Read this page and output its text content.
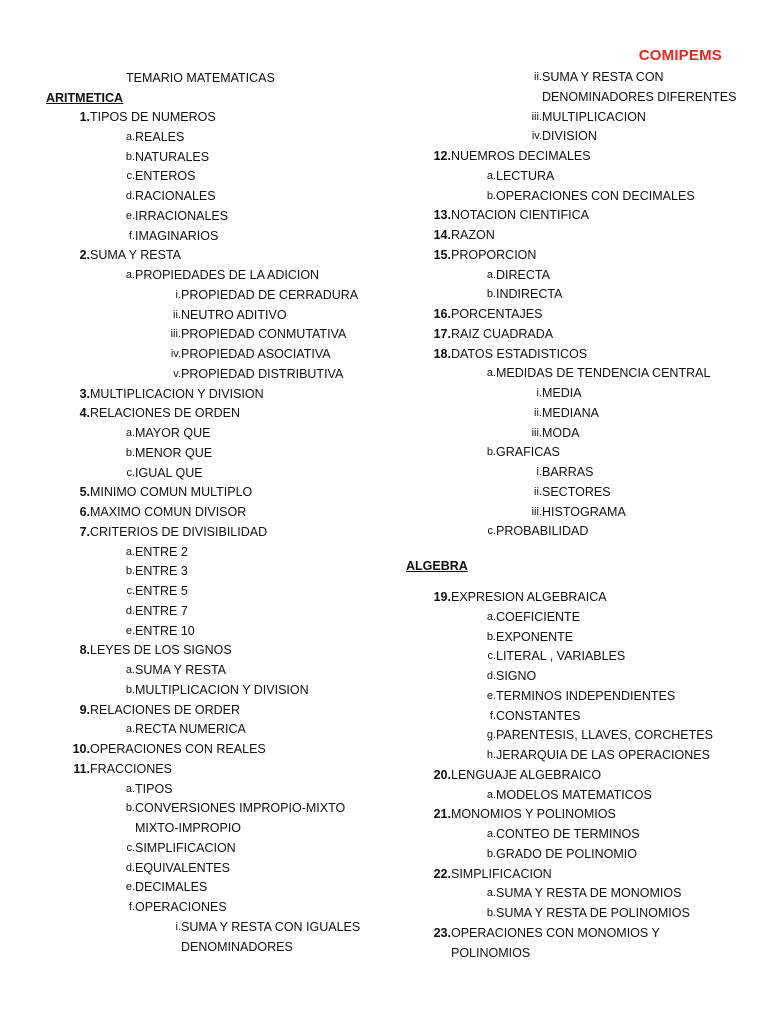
COMIPEMS
TEMARIO MATEMATICAS
ARITMETICA
1. TIPOS DE NUMEROS
a. REALES
b. NATURALES
c. ENTEROS
d. RACIONALES
e. IRRACIONALES
f. IMAGINARIOS
2. SUMA Y RESTA
a. PROPIEDADES DE LA ADICION
i. PROPIEDAD DE CERRADURA
ii. NEUTRO ADITIVO
iii. PROPIEDAD CONMUTATIVA
iv. PROPIEDAD ASOCIATIVA
v. PROPIEDAD DISTRIBUTIVA
3. MULTIPLICACION Y DIVISION
4. RELACIONES DE ORDEN
a. MAYOR QUE
b. MENOR QUE
c. IGUAL QUE
5. MINIMO COMUN MULTIPLO
6. MAXIMO COMUN DIVISOR
7. CRITERIOS DE DIVISIBILIDAD
a. ENTRE 2
b. ENTRE 3
c. ENTRE 5
d. ENTRE 7
e. ENTRE 10
8. LEYES DE LOS SIGNOS
a. SUMA Y RESTA
b. MULTIPLICACION Y DIVISION
9. RELACIONES DE ORDER
a. RECTA NUMERICA
10. OPERACIONES CON REALES
11. FRACCIONES
a. TIPOS
b. CONVERSIONES IMPROPIO-MIXTO
MIXTO-IMPROPIO
c. SIMPLIFICACION
d. EQUIVALENTES
e. DECIMALES
f. OPERACIONES
i. SUMA Y RESTA CON IGUALES
DENOMINADORES
ii. SUMA Y RESTA CON
DENOMINADORES DIFERENTES
iii. MULTIPLICACION
iv. DIVISION
12. NUEMROS DECIMALES
a. LECTURA
b. OPERACIONES CON DECIMALES
13. NOTACION CIENTIFICA
14. RAZON
15. PROPORCION
a. DIRECTA
b. INDIRECTA
16. PORCENTAJES
17. RAIZ CUADRADA
18. DATOS ESTADISTICOS
a. MEDIDAS DE TENDENCIA CENTRAL
i. MEDIA
ii. MEDIANA
iii. MODA
b. GRAFICAS
i. BARRAS
ii. SECTORES
iii. HISTOGRAMA
c. PROBABILIDAD
ALGEBRA
19. EXPRESION ALGEBRAICA
a. COEFICIENTE
b. EXPONENTE
c. LITERAL , VARIABLES
d. SIGNO
e. TERMINOS INDEPENDIENTES
f. CONSTANTES
g. PARENTESIS, LLAVES, CORCHETES
h. JERARQUIA DE LAS OPERACIONES
20. LENGUAJE ALGEBRAICO
a. MODELOS MATEMATICOS
21. MONOMIOS Y POLINOMIOS
a. CONTEO DE TERMINOS
b. GRADO DE POLINOMIO
22. SIMPLIFICACION
a. SUMA Y RESTA DE MONOMIOS
b. SUMA Y RESTA DE POLINOMIOS
23. OPERACIONES CON MONOMIOS Y
POLINOMIOS
